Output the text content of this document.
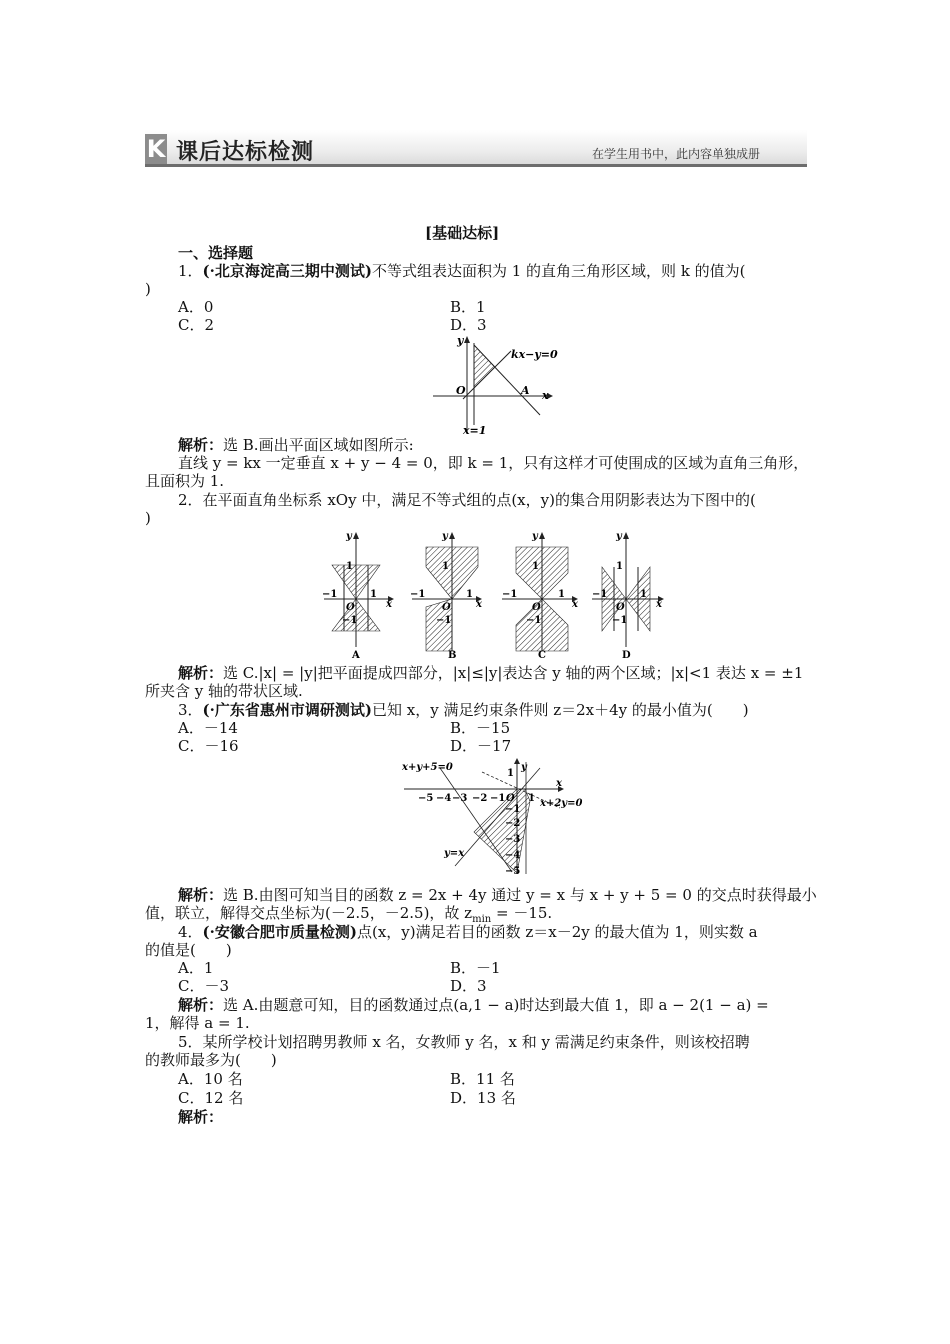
K 课后达标检测	在学生用书中，此内容单独成册
[基础达标]
一、选择题
1．(·北京海淀高三期中测试)不等式组表达面积为 1 的直角三角形区域，则 k 的值为(
)
A．0	B．1
C．2	D．3
y
kx−y=0
O	A x
x=1
解析：选 B.画出平面区域如图所示:
直线 y = kx 一定垂直 x + y − 4 = 0，即 k = 1，只有这样才可使围成的区域为直角三角形，
且面积为 1.
2．在平面直角坐标系 xOy 中，满足不等式组的点(x，y)的集合用阴影表达为下图中的(
)
y
1
−1
O
1
x
−1
A
y
1
−1
O
1
x
−1
B
y
1
−1
O
1
x
−1
C
y
1
−1
O
1
x
−1
D
解析：选 C.|x| = |y|把平面提成四部分，|x|≤|y|表达含 y 轴的两个区域；|x|<1 表达 x = ±1
所夹含 y 轴的带状区域.
3．(·广东省惠州市调研测试)已知 x，y 满足约束条件则 z＝2x＋4y 的最小值为(　　)
A．－14	B．－15
C．－16	D．－17
x+y+5=0
1
y
x
−5 −4 −3 −2 −1 O 1 x+2y=0
−1
−2
−3
−4
−5
y=x
解析：选 B.由图可知当目的函数 z = 2x + 4y 通过 y = x 与 x + y + 5 = 0 的交点时获得最小
值，联立，解得交点坐标为(－2.5，－2.5)，故 $z_{min} = -15$.
4．(·安徽合肥市质量检测)点(x，y)满足若目的函数 z＝x－2y 的最大值为 1，则实数 a
的值是(　　)
A．1	B．－1
C．－3	D．3
解析：选 A.由题意可知，目的函数通过点(a,1 − a)时达到最大值 1，即 a − 2(1 − a) =
1，解得 a = 1.
5．某所学校计划招聘男教师 x 名，女教师 y 名，x 和 y 需满足约束条件，则该校招聘
的教师最多为(　　)
A．10 名	B．11 名
C．12 名	D．13 名
解析：
